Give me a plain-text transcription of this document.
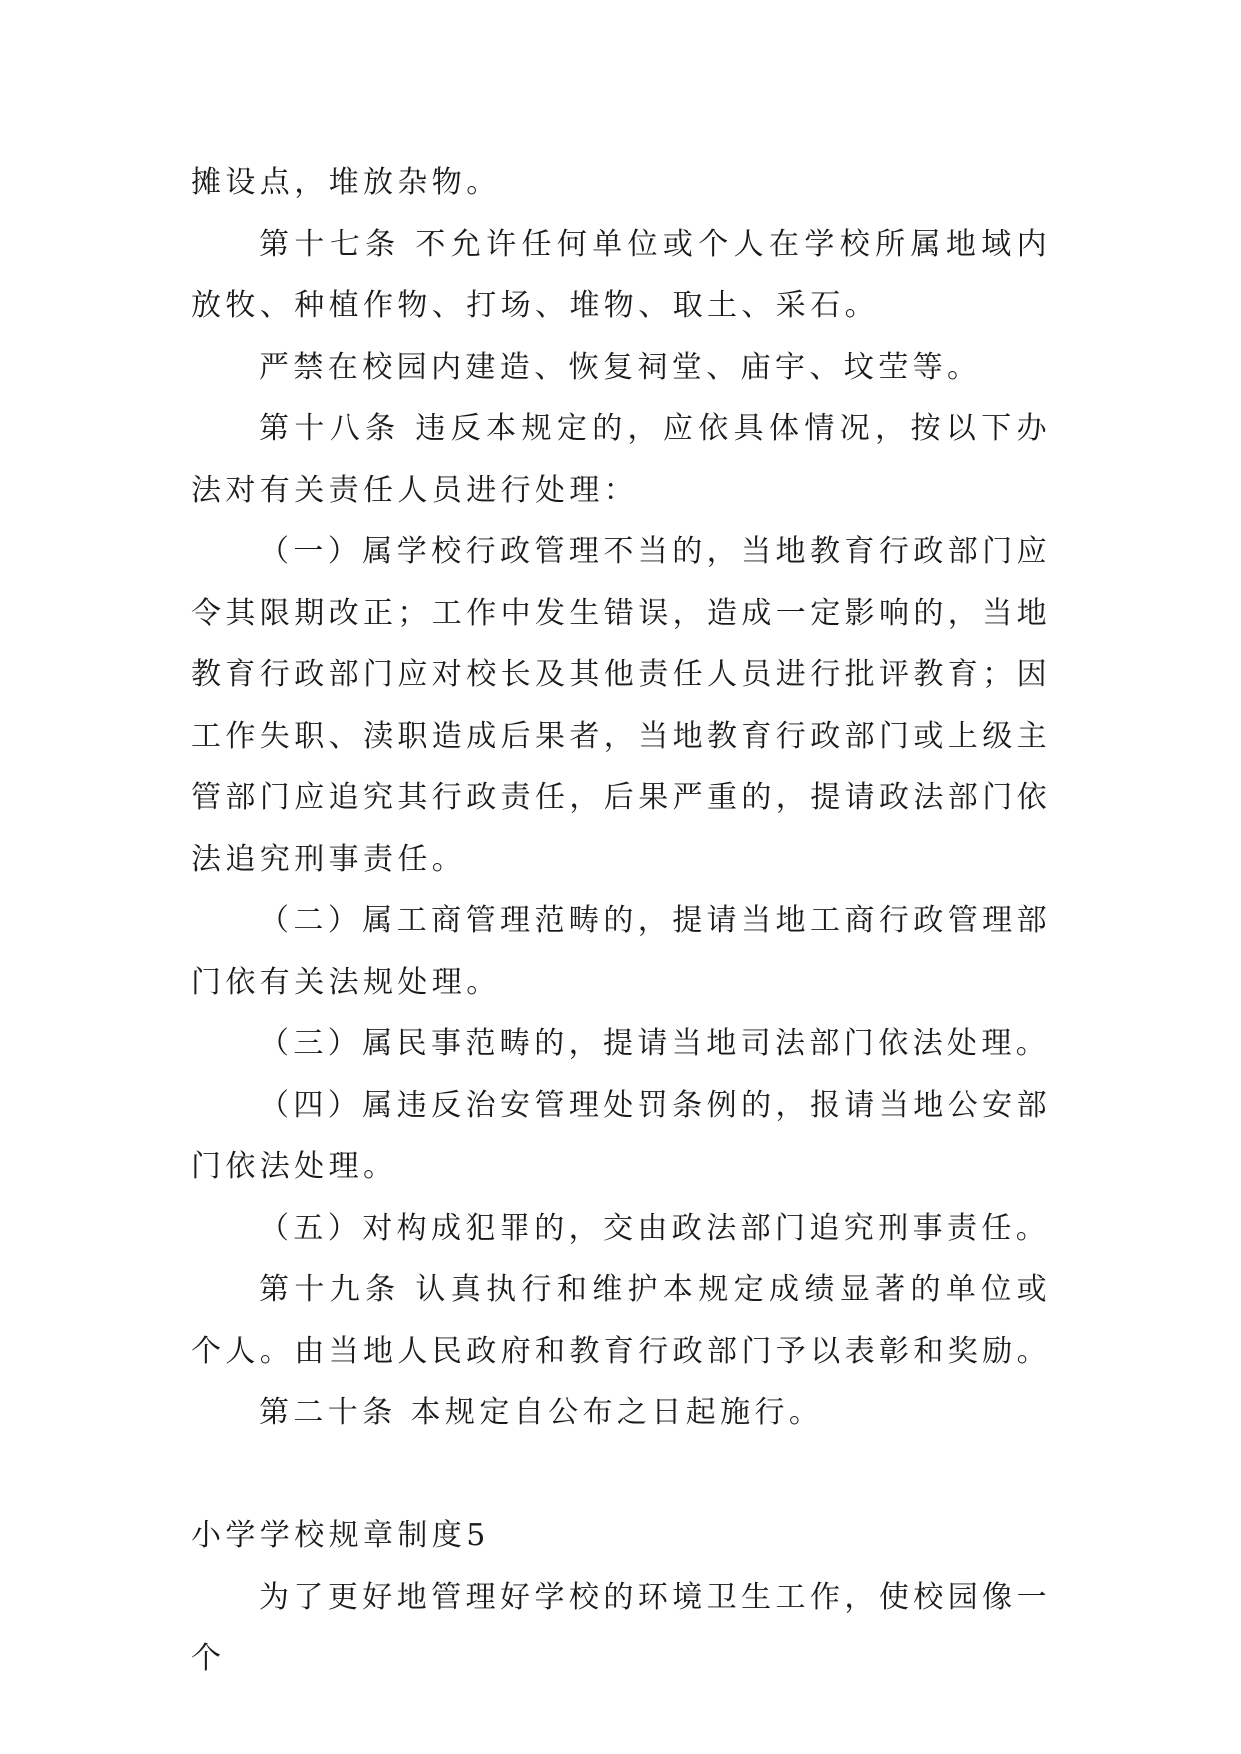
摊设点，堆放杂物。

第十七条 不允许任何单位或个人在学校所属地域内放牧、种植作物、打场、堆物、取土、采石。

严禁在校园内建造、恢复祠堂、庙宇、坟茔等。

第十八条 违反本规定的，应依具体情况，按以下办法对有关责任人员进行处理：

（一）属学校行政管理不当的，当地教育行政部门应令其限期改正；工作中发生错误，造成一定影响的，当地教育行政部门应对校长及其他责任人员进行批评教育；因工作失职、渎职造成后果者，当地教育行政部门或上级主管部门应追究其行政责任，后果严重的，提请政法部门依法追究刑事责任。

（二）属工商管理范畴的，提请当地工商行政管理部门依有关法规处理。

（三）属民事范畴的，提请当地司法部门依法处理。

（四）属违反治安管理处罚条例的，报请当地公安部门依法处理。

（五）对构成犯罪的，交由政法部门追究刑事责任。

第十九条 认真执行和维护本规定成绩显著的单位或个人。由当地人民政府和教育行政部门予以表彰和奖励。

第二十条 本规定自公布之日起施行。

小学学校规章制度5

为了更好地管理好学校的环境卫生工作，使校园像一个
